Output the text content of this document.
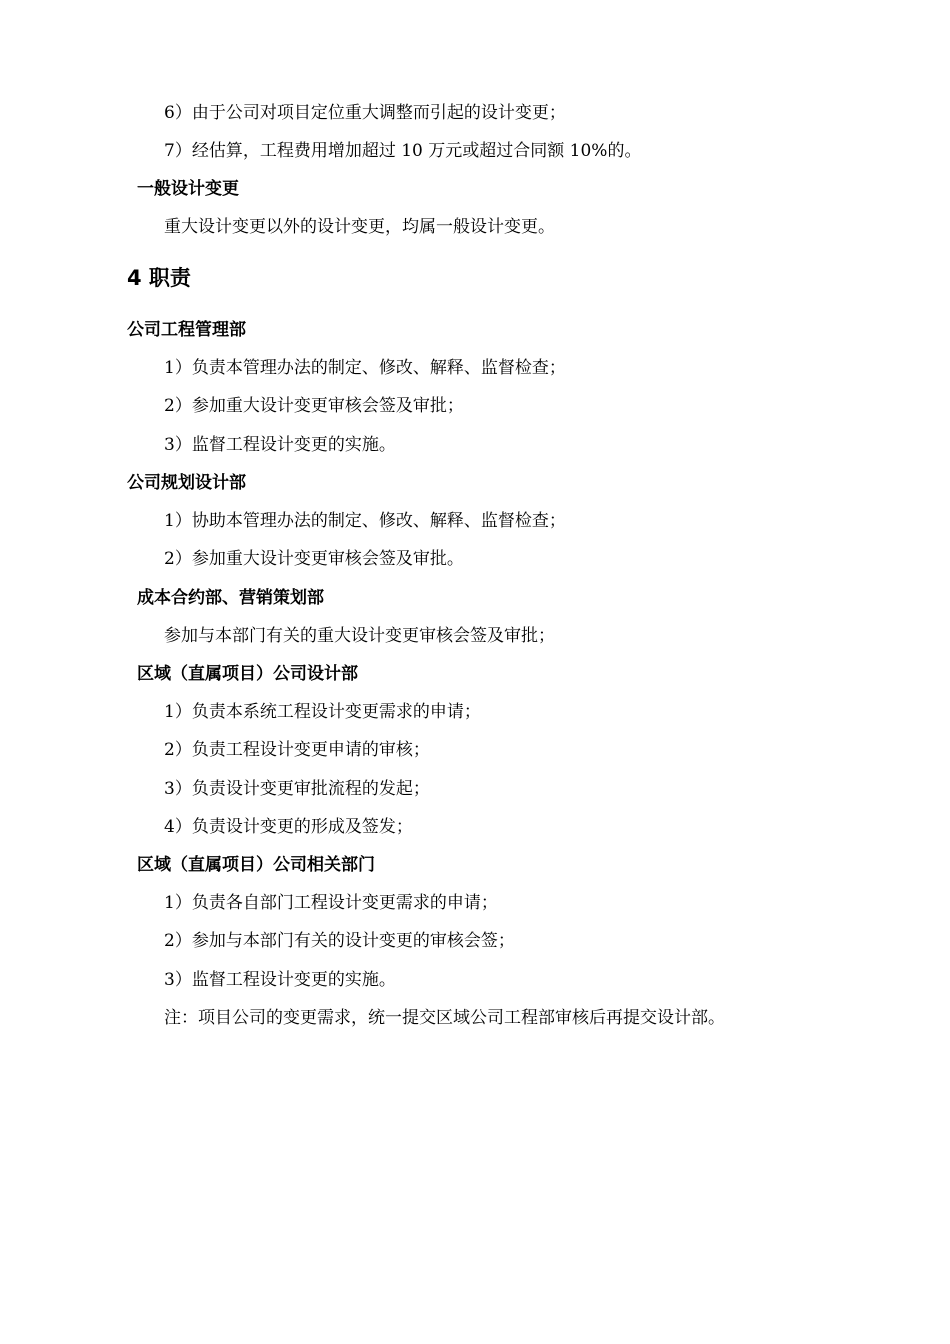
6）由于公司对项目定位重大调整而引起的设计变更；
7）经估算，工程费用增加超过 10 万元或超过合同额 10%的。
一般设计变更
重大设计变更以外的设计变更，均属一般设计变更。
4 职责
公司工程管理部
1）负责本管理办法的制定、修改、解释、监督检查；
2）参加重大设计变更审核会签及审批；
3）监督工程设计变更的实施。
公司规划设计部
1）协助本管理办法的制定、修改、解释、监督检查；
2）参加重大设计变更审核会签及审批。
成本合约部、营销策划部
参加与本部门有关的重大设计变更审核会签及审批；
区域（直属项目）公司设计部
1）负责本系统工程设计变更需求的申请；
2）负责工程设计变更申请的审核；
3）负责设计变更审批流程的发起；
4）负责设计变更的形成及签发；
区域（直属项目）公司相关部门
1）负责各自部门工程设计变更需求的申请；
2）参加与本部门有关的设计变更的审核会签；
3）监督工程设计变更的实施。
注：项目公司的变更需求，统一提交区域公司工程部审核后再提交设计部。
